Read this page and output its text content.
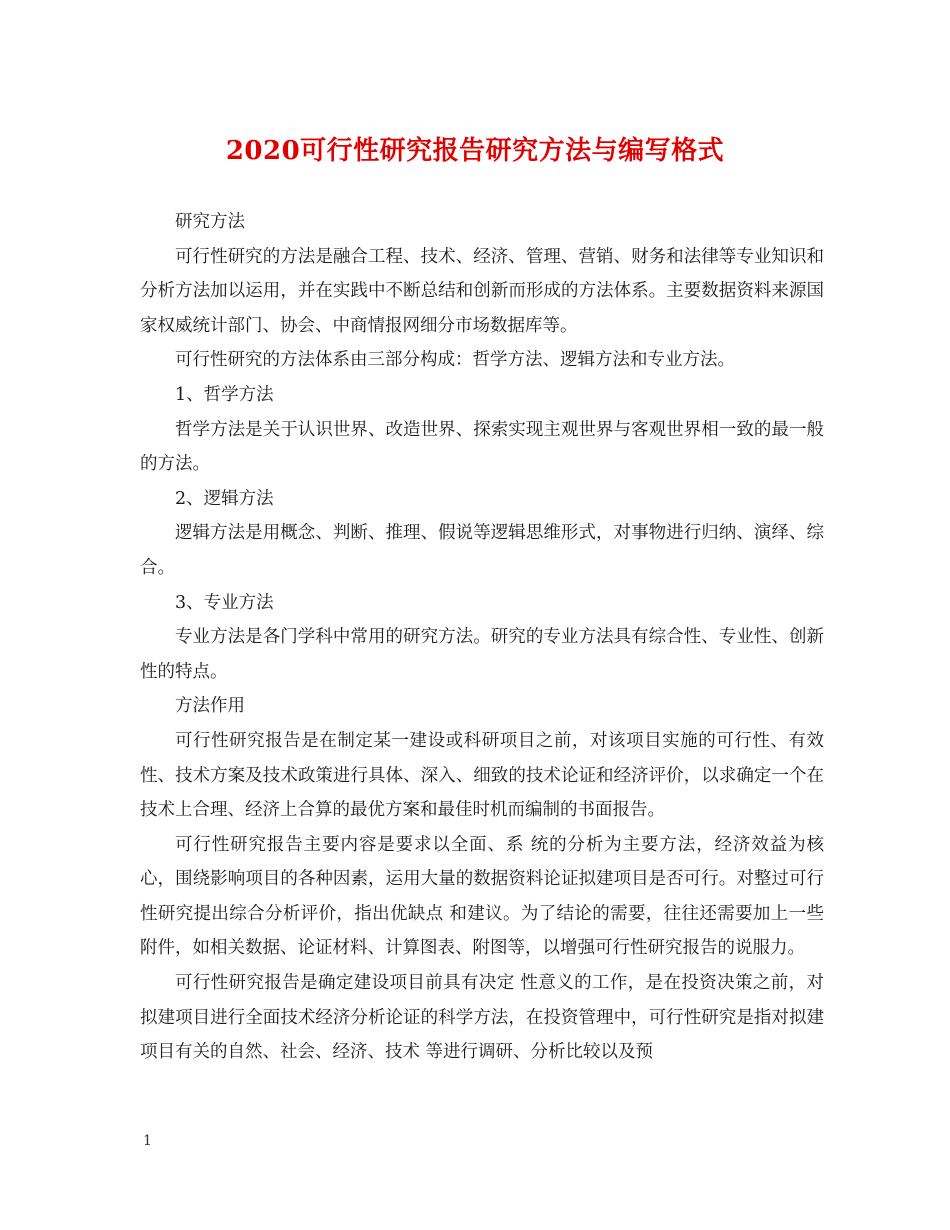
2020可行性研究报告研究方法与编写格式

研究方法

可行性研究的方法是融合工程、技术、经济、管理、营销、财务和法律等专业知识和分析方法加以运用，并在实践中不断总结和创新而形成的方法体系。主要数据资料来源国家权威统计部门、协会、中商情报网细分市场数据库等。

可行性研究的方法体系由三部分构成：哲学方法、逻辑方法和专业方法。

1、哲学方法

哲学方法是关于认识世界、改造世界、探索实现主观世界与客观世界相一致的最一般的方法。

2、逻辑方法

逻辑方法是用概念、判断、推理、假说等逻辑思维形式，对事物进行归纳、演绎、综合。

3、专业方法

专业方法是各门学科中常用的研究方法。研究的专业方法具有综合性、专业性、创新性的特点。

方法作用

可行性研究报告是在制定某一建设或科研项目之前，对该项目实施的可行性、有效性、技术方案及技术政策进行具体、深入、细致的技术论证和经济评价，以求确定一个在技术上合理、经济上合算的最优方案和最佳时机而编制的书面报告。

可行性研究报告主要内容是要求以全面、系 统的分析为主要方法，经济效益为核心，围绕影响项目的各种因素，运用大量的数据资料论证拟建项目是否可行。对整过可行性研究提出综合分析评价，指出优缺点 和建议。为了结论的需要，往往还需要加上一些附件，如相关数据、论证材料、计算图表、附图等，以增强可行性研究报告的说服力。

可行性研究报告是确定建设项目前具有决定 性意义的工作，是在投资决策之前，对拟建项目进行全面技术经济分析论证的科学方法，在投资管理中，可行性研究是指对拟建项目有关的自然、社会、经济、技术 等进行调研、分析比较以及预

1
